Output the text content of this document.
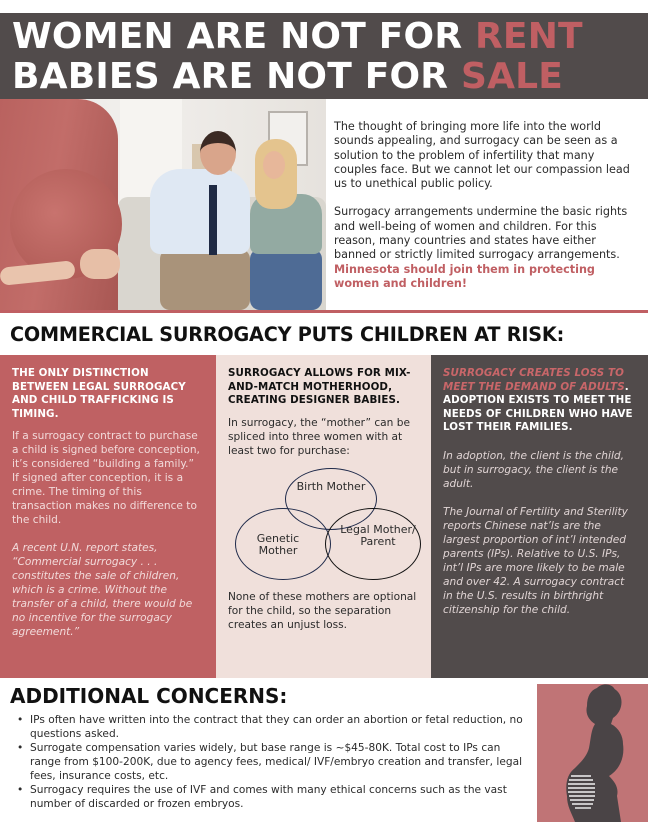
WOMEN ARE NOT FOR RENT
BABIES ARE NOT FOR SALE

The thought of bringing more life into the world sounds appealing, and surrogacy can be seen as a solution to the problem of infertility that many couples face. But we cannot let our compassion lead us to unethical public policy.

Surrogacy arrangements undermine the basic rights and well-being of women and children. For this reason, many countries and states have either banned or strictly limited surrogacy arrangements. Minnesota should join them in protecting women and children!

COMMERCIAL SURROGACY PUTS CHILDREN AT RISK:
THE ONLY DISTINCTION BETWEEN LEGAL SURROGACY AND CHILD TRAFFICKING IS TIMING.

If a surrogacy contract to purchase a child is signed before conception, it’s considered “building a family.” If signed after conception, it is a crime. The timing of this transaction makes no difference to the child.

A recent U.N. report states, “Commercial surrogacy . . . constitutes the sale of children, which is a crime. Without the transfer of a child, there would be no incentive for the surrogacy agreement.”

SURROGACY ALLOWS FOR MIX-AND-MATCH MOTHERHOOD, CREATING DESIGNER BABIES.

In surrogacy, the “mother” can be spliced into three women with at least two for purchase:

Birth Mother
Genetic Mother
Legal Mother/ Parent

None of these mothers are optional for the child, so the separation creates an unjust loss.

SURROGACY CREATES LOSS TO MEET THE DEMAND OF ADULTS. ADOPTION EXISTS TO MEET THE NEEDS OF CHILDREN WHO HAVE LOST THEIR FAMILIES.

In adoption, the client is the child, but in surrogacy, the client is the adult.

The Journal of Fertility and Sterility reports Chinese nat’ls are the largest proportion of int’l intended parents (IPs). Relative to U.S. IPs, int’l IPs are more likely to be male and over 42. A surrogacy contract in the U.S. results in birthright citizenship for the child.

ADDITIONAL CONCERNS:
• IPs often have written into the contract that they can order an abortion or fetal reduction, no questions asked.
• Surrogate compensation varies widely, but base range is ~$45-80K. Total cost to IPs can range from $100-200K, due to agency fees, medical/ IVF/embryo creation and transfer, legal fees, insurance costs, etc.
• Surrogacy requires the use of IVF and comes with many ethical concerns such as the vast number of discarded or frozen embryos.
